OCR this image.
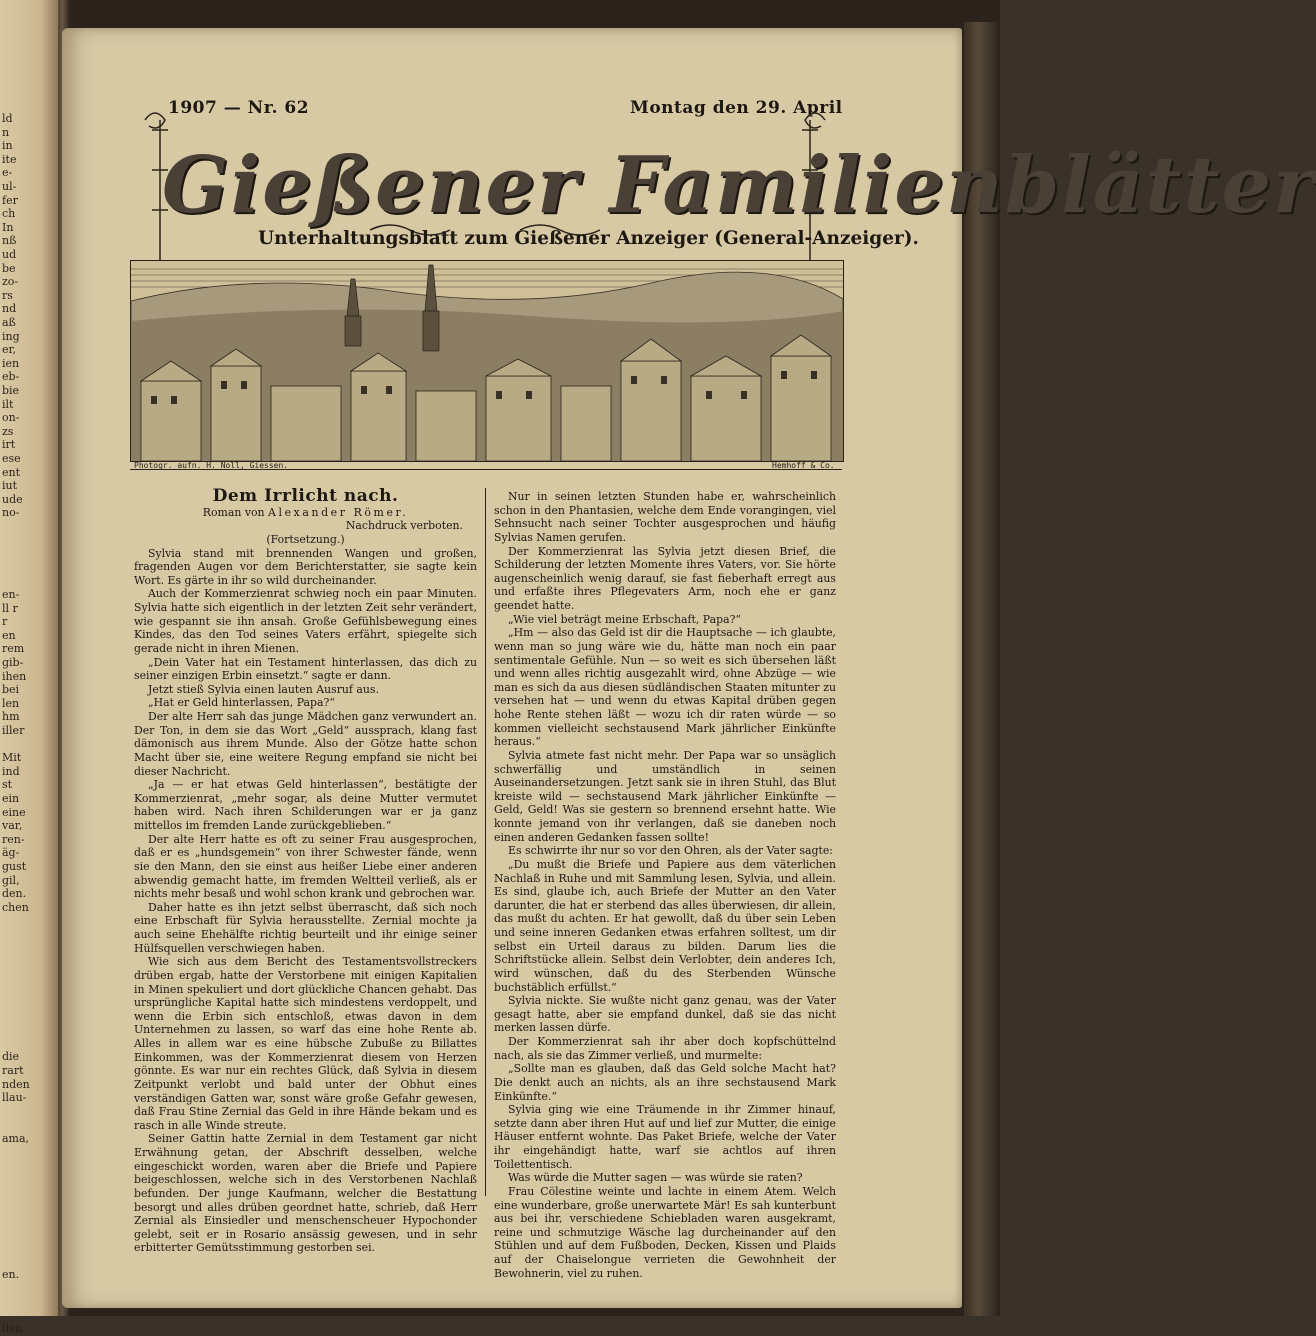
ld
n
in
ite
e-
ul-
fer
ch
In
nß
ud
be
zo-
rs
nd
aß
ing
er,
ien
eb-
bie
ilt
on-
zs
irt
ese
ent
iut
ude
no-
en-
ll r
r
en
rem
gib-
ihen
bei
len
hm
iller
Mit
ind
st
ein
eine
var,
ren-
äg-
gust
gil,
den.
chen
die
rart
nden
llau-
ama,
en.
llen.
1907 — Nr. 62	Montag den 29. April
Gießener Familienblätter
Unterhaltungsblatt zum Gießener Anzeiger (General-Anzeiger).
Photogr. aufn. H. Noll, Giessen.	Hemhoff & Co.
Dem Irrlicht nach.

Roman von Alexander Römer.

Nachdruck verboten.

(Fortsetzung.)

Sylvia stand mit brennenden Wangen und großen, fragenden Augen vor dem Berichterstatter, sie sagte kein Wort. Es gärte in ihr so wild durcheinander.

Auch der Kommerzienrat schwieg noch ein paar Minuten. Sylvia hatte sich eigentlich in der letzten Zeit sehr verändert, wie gespannt sie ihn ansah. Große Gefühlsbewegung eines Kindes, das den Tod seines Vaters erfährt, spiegelte sich gerade nicht in ihren Mienen.

„Dein Vater hat ein Testament hinterlassen, das dich zu seiner einzigen Erbin einsetzt.“ sagte er dann.

Jetzt stieß Sylvia einen lauten Ausruf aus.

„Hat er Geld hinterlassen, Papa?“

Der alte Herr sah das junge Mädchen ganz verwundert an. Der Ton, in dem sie das Wort „Geld“ aussprach, klang fast dämonisch aus ihrem Munde. Also der Götze hatte schon Macht über sie, eine weitere Regung empfand sie nicht bei dieser Nachricht.

„Ja — er hat etwas Geld hinterlassen“, bestätigte der Kommerzienrat, „mehr sogar, als deine Mutter vermutet haben wird. Nach ihren Schilderungen war er ja ganz mittellos im fremden Lande zurückgeblieben.“

Der alte Herr hatte es oft zu seiner Frau ausgesprochen, daß er es „hundsgemein“ von ihrer Schwester fände, wenn sie den Mann, den sie einst aus heißer Liebe einer anderen abwendig gemacht hatte, im fremden Weltteil verließ, als er nichts mehr besaß und wohl schon krank und gebrochen war.

Daher hatte es ihn jetzt selbst überrascht, daß sich noch eine Erbschaft für Sylvia herausstellte. Zernial mochte ja auch seine Ehehälfte richtig beurteilt und ihr einige seiner Hülfsquellen verschwiegen haben.

Wie sich aus dem Bericht des Testamentsvollstreckers drüben ergab, hatte der Verstorbene mit einigen Kapitalien in Minen spekuliert und dort glückliche Chancen gehabt. Das ursprüngliche Kapital hatte sich mindestens verdoppelt, und wenn die Erbin sich entschloß, etwas davon in dem Unternehmen zu lassen, so warf das eine hohe Rente ab. Alles in allem war es eine hübsche Zubuße zu Billattes Einkommen, was der Kommerzienrat diesem von Herzen gönnte. Es war nur ein rechtes Glück, daß Sylvia in diesem Zeitpunkt verlobt und bald unter der Obhut eines verständigen Gatten war, sonst wäre große Gefahr gewesen, daß Frau Stine Zernial das Geld in ihre Hände bekam und es rasch in alle Winde streute.

Seiner Gattin hatte Zernial in dem Testament gar nicht Erwähnung getan, der Abschrift desselben, welche eingeschickt worden, waren aber die Briefe und Papiere beigeschlossen, welche sich in des Verstorbenen Nachlaß befunden. Der junge Kaufmann, welcher die Bestattung besorgt und alles drüben geordnet hatte, schrieb, daß Herr Zernial als Einsiedler und menschenscheuer Hypochonder gelebt, seit er in Rosario ansässig gewesen, und in sehr erbitterter Gemütsstimmung gestorben sei.

Nur in seinen letzten Stunden habe er, wahrscheinlich schon in den Phantasien, welche dem Ende vorangingen, viel Sehnsucht nach seiner Tochter ausgesprochen und häufig Sylvias Namen gerufen.

Der Kommerzienrat las Sylvia jetzt diesen Brief, die Schilderung der letzten Momente ihres Vaters, vor. Sie hörte augenscheinlich wenig darauf, sie fast fieberhaft erregt aus und erfaßte ihres Pflegevaters Arm, noch ehe er ganz geendet hatte.

„Wie viel beträgt meine Erbschaft, Papa?“

„Hm — also das Geld ist dir die Hauptsache — ich glaubte, wenn man so jung wäre wie du, hätte man noch ein paar sentimentale Gefühle. Nun — so weit es sich übersehen läßt und wenn alles richtig ausgezahlt wird, ohne Abzüge — wie man es sich da aus diesen südländischen Staaten mitunter zu versehen hat — und wenn du etwas Kapital drüben gegen hohe Rente stehen läßt — wozu ich dir raten würde — so kommen vielleicht sechstausend Mark jährlicher Einkünfte heraus.“

Sylvia atmete fast nicht mehr. Der Papa war so unsäglich schwerfällig und umständlich in seinen Auseinandersetzungen. Jetzt sank sie in ihren Stuhl, das Blut kreiste wild — sechstausend Mark jährlicher Einkünfte — Geld, Geld! Was sie gestern so brennend ersehnt hatte. Wie konnte jemand von ihr verlangen, daß sie daneben noch einen anderen Gedanken fassen sollte!

Es schwirrte ihr nur so vor den Ohren, als der Vater sagte:

„Du mußt die Briefe und Papiere aus dem väterlichen Nachlaß in Ruhe und mit Sammlung lesen, Sylvia, und allein. Es sind, glaube ich, auch Briefe der Mutter an den Vater darunter, die hat er sterbend das alles überwiesen, dir allein, das mußt du achten. Er hat gewollt, daß du über sein Leben und seine inneren Gedanken etwas erfahren solltest, um dir selbst ein Urteil daraus zu bilden. Darum lies die Schriftstücke allein. Selbst dein Verlobter, dein anderes Ich, wird wünschen, daß du des Sterbenden Wünsche buchstäblich erfüllst.“

Sylvia nickte. Sie wußte nicht ganz genau, was der Vater gesagt hatte, aber sie empfand dunkel, daß sie das nicht merken lassen dürfe.

Der Kommerzienrat sah ihr aber doch kopfschüttelnd nach, als sie das Zimmer verließ, und murmelte:

„Sollte man es glauben, daß das Geld solche Macht hat? Die denkt auch an nichts, als an ihre sechstausend Mark Einkünfte.“

Sylvia ging wie eine Träumende in ihr Zimmer hinauf, setzte dann aber ihren Hut auf und lief zur Mutter, die einige Häuser entfernt wohnte. Das Paket Briefe, welche der Vater ihr eingehändigt hatte, warf sie achtlos auf ihren Toilettentisch.

Was würde die Mutter sagen — was würde sie raten?

Frau Cölestine weinte und lachte in einem Atem. Welch eine wunderbare, große unerwartete Mär! Es sah kunterbunt aus bei ihr, verschiedene Schiebladen waren ausgekramt, reine und schmutzige Wäsche lag durcheinander auf den Stühlen und auf dem Fußboden, Decken, Kissen und Plaids auf der Chaiselongue verrieten die Gewohnheit der Bewohnerin, viel zu ruhen.
